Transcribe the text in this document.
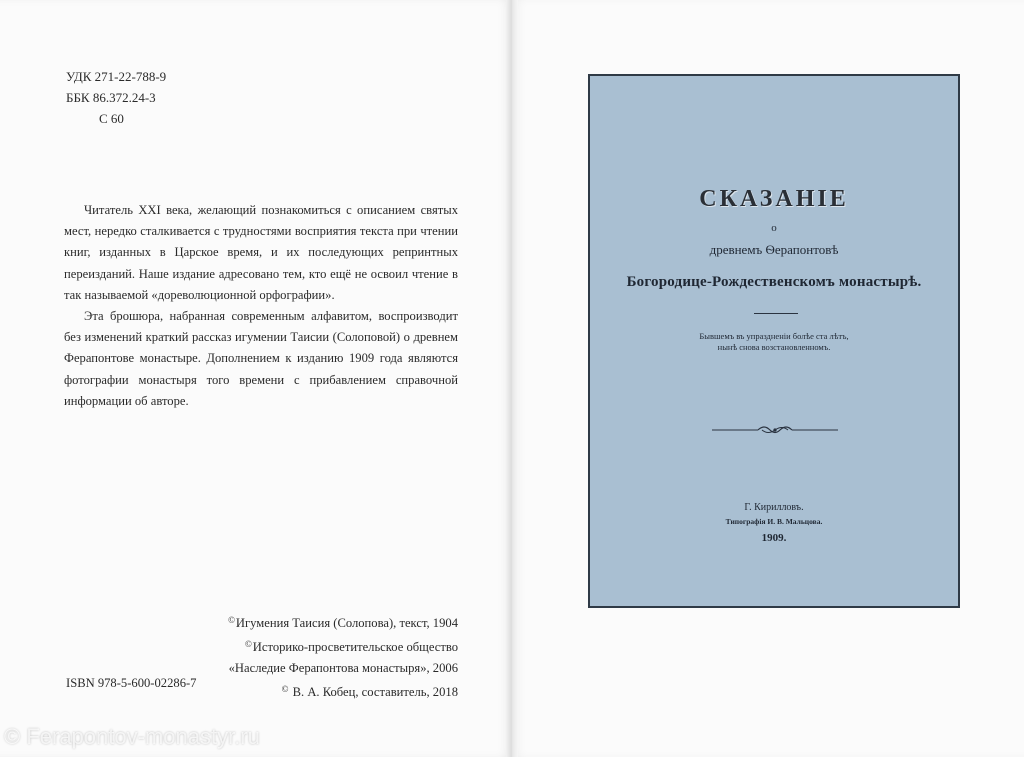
УДК 271-22-788-9
ББК 86.372.24-3
С 60

Читатель XXI века, желающий познакомиться с описанием святых мест, нередко сталкивается с трудностями восприятия текста при чтении книг, изданных в Царское время, и их последующих репринтных переизданий. Наше издание адресовано тем, кто ещё не освоил чтение в так называемой «дореволюционной орфографии».

Эта брошюра, набранная современным алфавитом, воспроизводит без изменений краткий рассказ игумении Таисии (Солоповой) о древнем Ферапонтове монастыре. Дополнением к изданию 1909 года являются фотографии монастыря того времени с прибавлением справочной информации об авторе.

©Игумения Таисия (Солопова), текст, 1904
©Историко-просветительское общество
«Наследие Ферапонтова монастыря», 2006
© В. А. Кобец, составитель, 2018
ISBN 978-5-600-02286-7
СКАЗАНІЕ
о
древнемъ Ѳерапонтовѣ
Богородице-Рождественскомъ монастырѣ.
Бывшемъ въ упраздненіи болѣе ста лѣтъ,
нынѣ снова возстановленномъ.
Г. Кирилловъ.
Типографія И. В. Мальцова.
1909.
© Ferapontov-monastyr.ru
